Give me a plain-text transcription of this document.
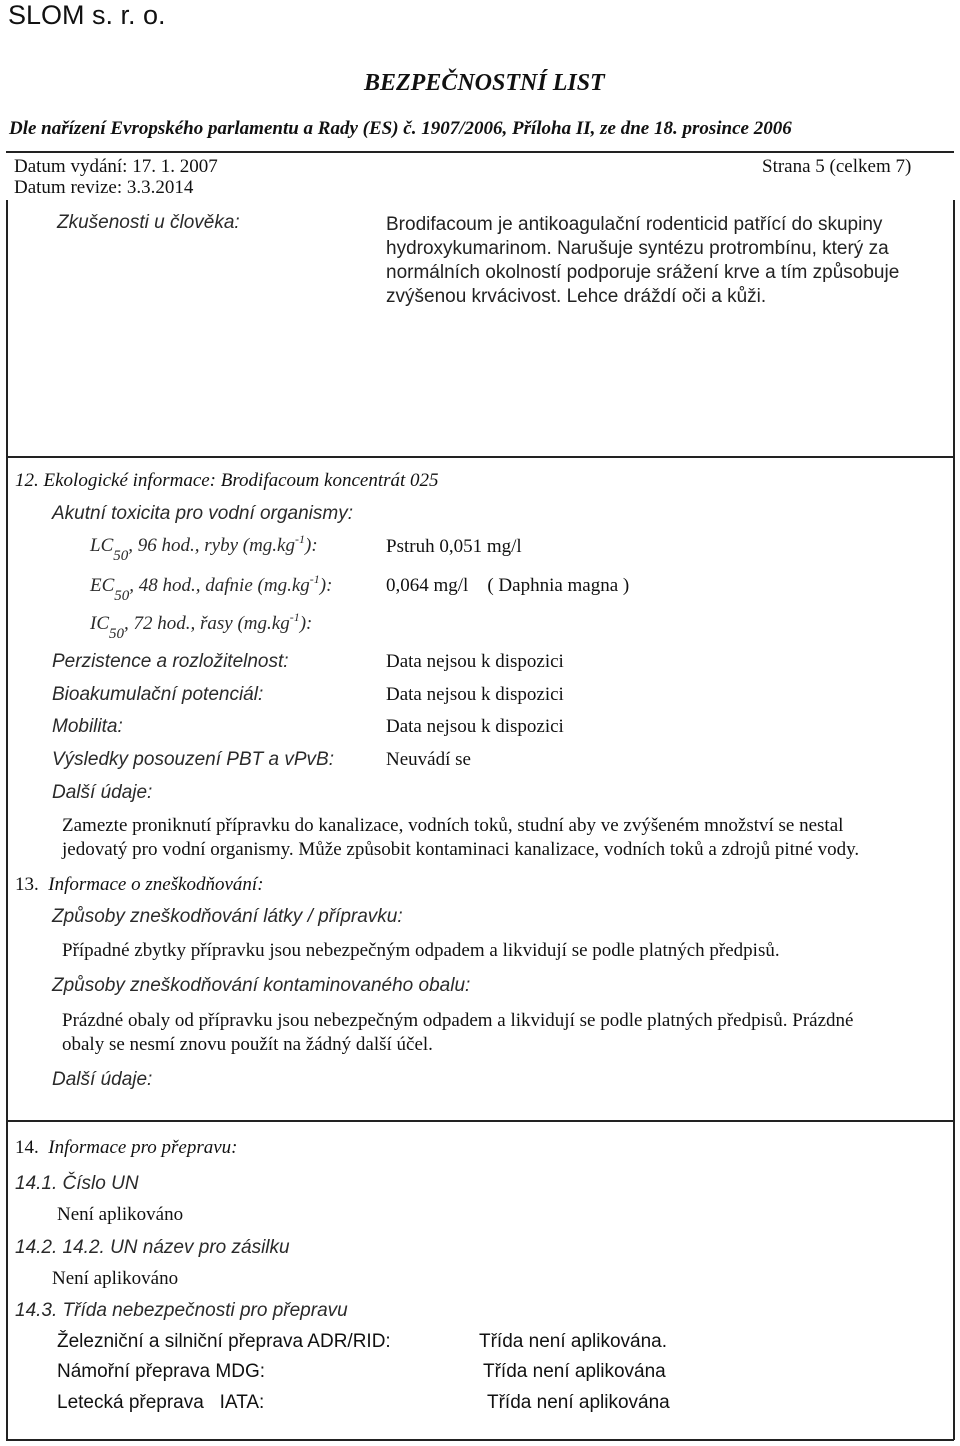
SLOM s. r. o.
BEZPEČNOSTNÍ LIST
Dle nařízení Evropského parlamentu a Rady (ES) č. 1907/2006, Příloha II, ze dne 18. prosince 2006
Datum vydání: 17. 1. 2007
Datum revize: 3.3.2014
Strana 5 (celkem 7)
Zkušenosti u člověka:	Brodifacoum je antikoagulační rodenticid patřící do skupiny
hydroxykumarinom. Narušuje syntézu protrombínu, který za
normálních okolností podporuje srážení krve a tím způsobuje
zvýšenou krvácivost. Lehce dráždí oči a kůži.
12. Ekologické informace: Brodifacoum koncentrát 025
Akutní toxicita pro vodní organismy:
$LC_{50}$, 96 hod., ryby $(mg.kg^{-1})$:	Pstruh 0,051 mg/l
$EC_{50}$, 48 hod., dafnie $(mg.kg^{-1})$:	0,064 mg/l    ( Daphnia magna )
$IC_{50}$, 72 hod., řasy $(mg.kg^{-1})$:
Perzistence a rozložitelnost:	Data nejsou k dispozici
Bioakumulační potenciál:	Data nejsou k dispozici
Mobilita:	Data nejsou k dispozici
Výsledky posouzení PBT a vPvB:	Neuvádí se
Další údaje:
Zamezte proniknutí přípravku do kanalizace, vodních toků, studní aby ve zvýšeném množství se nestal
jedovatý pro vodní organismy. Může způsobit kontaminaci kanalizace, vodních toků a zdrojů pitné vody.
13. Informace o zneškodňování:
Způsoby zneškodňování látky / přípravku:
Případné zbytky přípravku jsou nebezpečným odpadem a likvidují se podle platných předpisů.
Způsoby zneškodňování kontaminovaného obalu:
Prázdné obaly od přípravku jsou nebezpečným odpadem a likvidují se podle platných předpisů. Prázdné
obaly se nesmí znovu použít na žádný další účel.
Další údaje:
14. Informace pro přepravu:
14.1. Číslo UN
Není aplikováno
14.2. 14.2. UN název pro zásilku
Není aplikováno
14.3. Třída nebezpečnosti pro přepravu
Železniční a silniční přeprava ADR/RID:	Třída není aplikována.
Námořní přeprava MDG:	Třída není aplikována
Letecká přeprava   IATA:	Třída není aplikována
